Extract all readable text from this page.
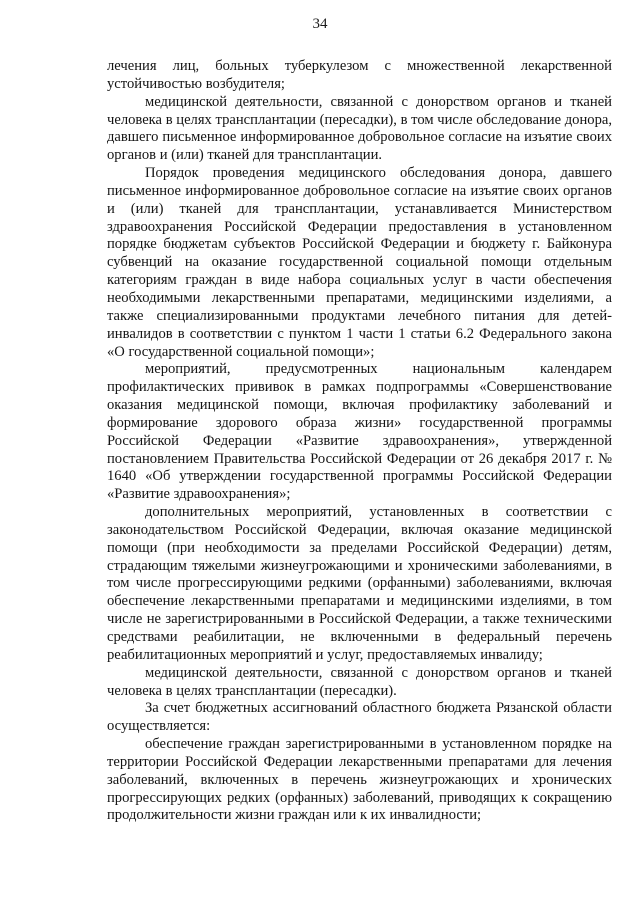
34

лечения лиц, больных туберкулезом с множественной лекарственной устойчивостью возбудителя;

медицинской деятельности, связанной с донорством органов и тканей человека в целях трансплантации (пересадки), в том числе обследование донора, давшего письменное информированное добровольное согласие на изъятие своих органов и (или) тканей для трансплантации.

Порядок проведения медицинского обследования донора, давшего письменное информированное добровольное согласие на изъятие своих органов и (или) тканей для трансплантации, устанавливается Министерством здравоохранения Российской Федерации предоставления в установленном порядке бюджетам субъектов Российской Федерации и бюджету г. Байконура субвенций на оказание государственной социальной помощи отдельным категориям граждан в виде набора социальных услуг в части обеспечения необходимыми лекарственными препаратами, медицинскими изделиями, а также специализированными продуктами лечебного питания для детей-инвалидов в соответствии с пунктом 1 части 1 статьи 6.2 Федерального закона «О государственной социальной помощи»;

мероприятий, предусмотренных национальным календарем профилактических прививок в рамках подпрограммы «Совершенствование оказания медицинской помощи, включая профилактику заболеваний и формирование здорового образа жизни» государственной программы Российской Федерации «Развитие здравоохранения», утвержденной постановлением Правительства Российской Федерации от 26 декабря 2017 г. № 1640 «Об утверждении государственной программы Российской Федерации «Развитие здравоохранения»;

дополнительных мероприятий, установленных в соответствии с законодательством Российской Федерации, включая оказание медицинской помощи (при необходимости за пределами Российской Федерации) детям, страдающим тяжелыми жизнеугрожающими и хроническими заболеваниями, в том числе прогрессирующими редкими (орфанными) заболеваниями, включая обеспечение лекарственными препаратами и медицинскими изделиями, в том числе не зарегистрированными в Российской Федерации, а также техническими средствами реабилитации, не включенными в федеральный перечень реабилитационных мероприятий и услуг, предоставляемых инвалиду;

медицинской деятельности, связанной с донорством органов и тканей человека в целях трансплантации (пересадки).

За счет бюджетных ассигнований областного бюджета Рязанской области осуществляется:

обеспечение граждан зарегистрированными в установленном порядке на территории Российской Федерации лекарственными препаратами для лечения заболеваний, включенных в перечень жизнеугрожающих и хронических прогрессирующих редких (орфанных) заболеваний, приводящих к сокращению продолжительности жизни граждан или к их инвалидности;
